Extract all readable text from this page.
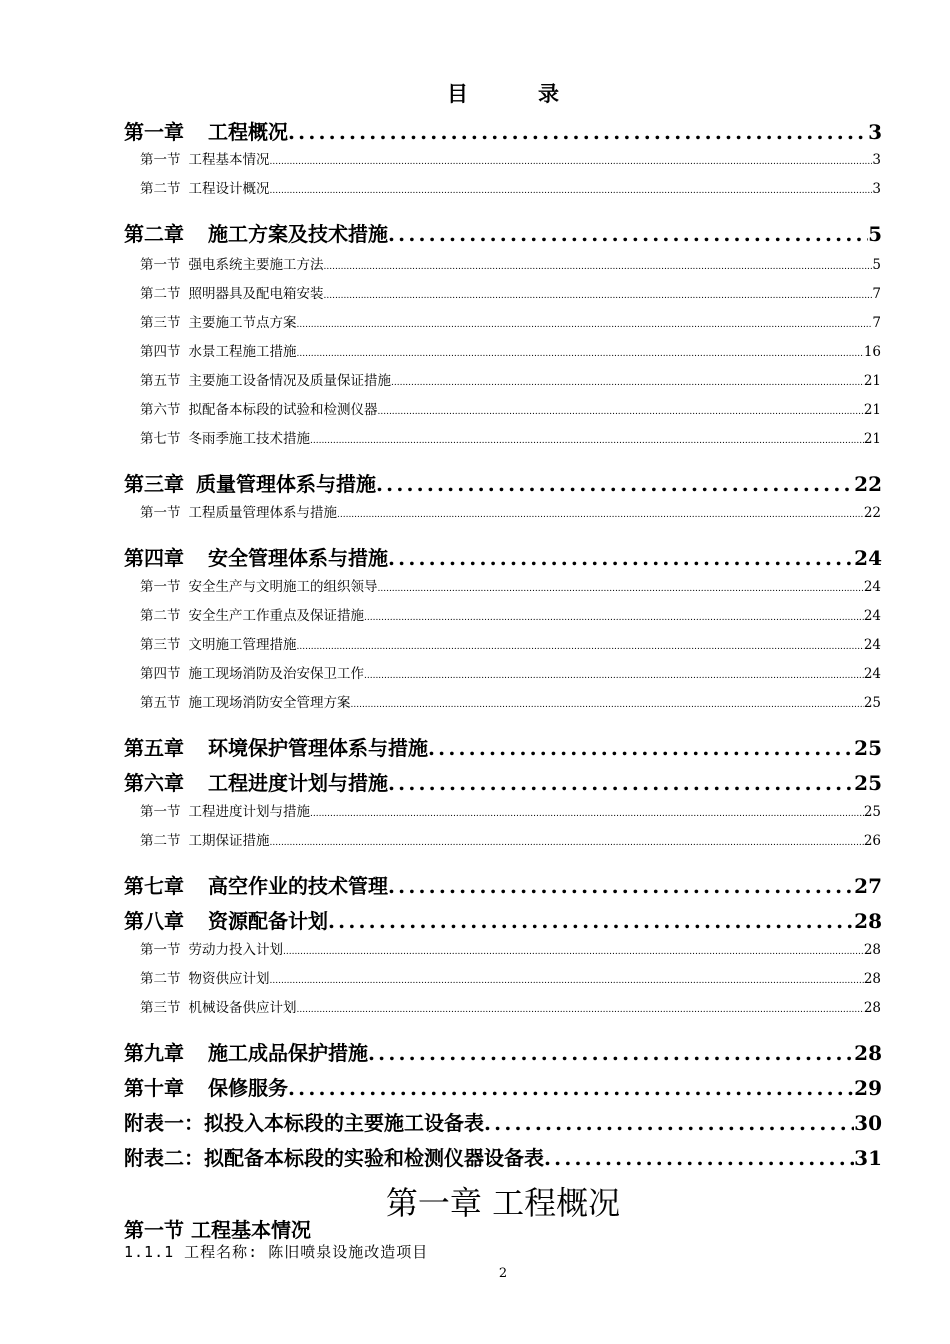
目	录
第一章 工程概况 .....	3
第一节 工程基本情况 .....	3
第二节 工程设计概况 .....	3
第二章 施工方案及技术措施 .....	5
第一节 强电系统主要施工方法 .....	5
第二节 照明器具及配电箱安装 .....	7
第三节 主要施工节点方案 .....	7
第四节 水景工程施工措施 .....	16
第五节 主要施工设备情况及质量保证措施 .....	21
第六节 拟配备本标段的试验和检测仪器 .....	21
第七节 冬雨季施工技术措施 .....	21
第三章 质量管理体系与措施 .....	22
第一节 工程质量管理体系与措施 .....	22
第四章 安全管理体系与措施 .....	24
第一节 安全生产与文明施工的组织领导 .....	24
第二节 安全生产工作重点及保证措施 .....	24
第三节 文明施工管理措施 .....	24
第四节 施工现场消防及治安保卫工作 .....	24
第五节 施工现场消防安全管理方案 .....	25
第五章 环境保护管理体系与措施 .....	25
第六章 工程进度计划与措施 .....	25
第一节 工程进度计划与措施 .....	25
第二节 工期保证措施 .....	26
第七章 高空作业的技术管理 .....	27
第八章 资源配备计划 .....	28
第一节 劳动力投入计划 .....	28
第二节 物资供应计划 .....	28
第三节 机械设备供应计划 .....	28
第九章 施工成品保护措施 .....	28
第十章 保修服务 .....	29
附表一：拟投入本标段的主要施工设备表 .....	30
附表二：拟配备本标段的实验和检测仪器设备表 .....	31
第一章 工程概况
第一节 工程基本情况
1.1.1 工程名称: 陈旧喷泉设施改造项目
2
